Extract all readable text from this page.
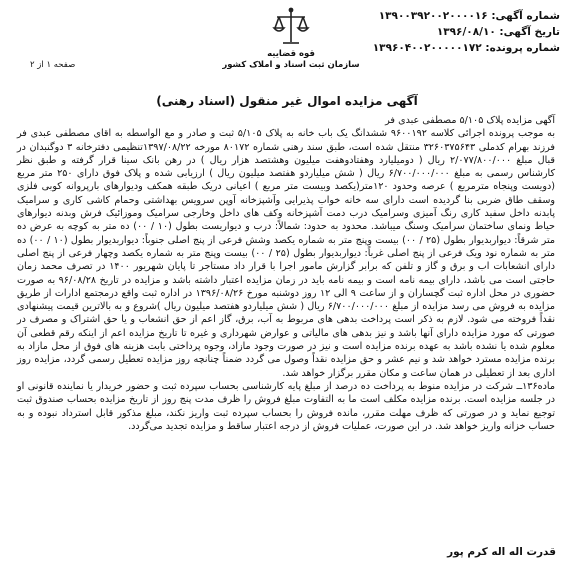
شماره آگهی: ۱۳۹۰۰۳۹۲۰۰۲۰۰۰۰۱۶
تاریخ آگهی: ۱۳۹۶/۰۸/۱۰
شماره پرونده: ۱۳۹۶۰۴۰۰۲۰۰۰۰۰۱۷۲
قوه قضاییه
سازمان ثبت اسناد و املاک کشور
صفحه ۱ از ۲
آگهی مزایده اموال غیر منقول (اسناد رهنی)

آگهی مزایده پلاک ۵/۱۰۵ مصطفی عبدی فر

به موجب پرونده اجرائی کلاسه ۹۶۰۰۱۹۲ ششدانگ یک باب خانه به پلاک ۵/۱۰۵ ثبت و صادر و مع الواسطه به اقای مصطفی عبدی فر فرزند بهرام کدملی ۳۲۶۰۳۷۵۶۴۳ منتقل شده است، طبق سند رهنی شماره ۸۰۱۷۲ مورخه ۱۳۹۷/۰۸/۲۲تنظیمی دفترخانه ۳ دوگنبدان در قبال مبلغ ۲/۰۷۷/۸۰۰/۰۰۰ ریال ( دومیلیارد وهفتادوهفت میلیون وهشتصد هزار ریال ) در رهن بانک سینا قرار گرفته و طبق نظر کارشناس رسمی به مبلغ ۶/۷۰۰/۰۰۰/۰۰۰ ریال ( شش میلیاردو هفتصد میلیون ریال ) ارزیابی شده و پلاک فوق دارای ۲۵۰ متر مربع (دویست وپنجاه مترمربع ) عرصه وحدود ۱۲۰متر(یکصد وبیست متر مربع ) اعیانی دریک طبقه همکف ودیوارهای بارپروانه کوبی فلزی وسقف طاق ضربی بنا گردیده است دارای سه خانه خواب پذیرایی وآشپزخانه آوپن سرویس بهداشتی وحمام کاشی کاری و سرامیک پابدنه داخل سفید کاری رنگ آمیزی وسرامیک درب ‌دمت آشپزخانه وکف های داخل وخارجی سرامیک وموزائیک فرش وبدنه دیوارهای حیاط ونمای ساختمان سرامیک وسنگ میباشد. محدود به حدود: شمالاً: درب و دیواریست بطول (۱۰ / ۰۰) ده متر به کوچه به عرض ده متر شرقاً: دیواربدیوار بطول (۲۵ / ۰۰) بیست وپنج متر به شماره یکصد وشش فرعی از پنج اصلی جنوباً: دیواربدیوار بطول (۱۰ / ۰۰) ده متر به شماره نود ویک فرعی از پنج اصلی غرباً: دیواربدیوار بطول (۲۵ / ۰۰) بیست وپنج متر به شماره یکصد وچهار فرعی از پنج اصلی دارای انشعابات اب و برق و گاز و تلفن که برابر گزارش مامور اجرا با قرار داد مستاجر تا پایان شهریور ۱۴۰۰ در تصرف محمد زمان حاجتی است می باشد، دارای بیمه نامه است و بیمه نامه باید در زمان مزایده اعتبار داشته باشد و مزایده در تاریخ ۹۶/۰۸/۲۸ به صورت حضوری در محل اداره ثبت گچساران و از ساعت ۹ الی ۱۲ روز دوشنبه مورخ ۱۳۹۶/۰۸/۲۶ در اداره ثبت واقع درمجتمع ادارات از طریق مزایده به فروش می رسد مزایده از مبلغ ۶/۷۰۰/۰۰۰/۰۰۰ ریال ( شش میلیاردو هفتصد میلیون ریال )شروع و به بالاترین قیمت پیشنهادی نقداً فروخته می شود. لازم به ذکر است پرداخت بدهی های مربوط به آب، برق، گاز اعم از حق انشعاب و یا حق اشتراک و مصرف در صورتی که مورد مزایده دارای آنها باشد و نیز بدهی های مالیاتی و عوارض شهرداری و غیره تا تاریخ مزایده اعم از اینکه رقم قطعی آن معلوم شده یا نشده باشد به عهده برنده مزایده است و نیز در صورت وجود مازاد، وجوه پرداختی بابت هزینه های فوق از محل مازاد به برنده مزایده مسترد خواهد شد و نیم عشر و حق مزایده نقداً وصول می گردد ضمناً چنانچه روز مزایده تعطیل رسمی گردد، مزایده روز اداری بعد از تعطیلی در همان ساعت و مکان مقرر برگزار خواهد شد.

ماده۱۳۶ــ شرکت در مزایده منوط به پرداخت ده درصد از مبلغ پایه کارشناسی بحساب سپرده ثبت و حضور خریدار یا نماینده قانونی او در جلسه مزایده است. برنده مزایده مکلف است ما به التفاوت مبلغ فروش را ظرف مدت پنج روز از تاریخ مزایده بحساب صندوق ثبت توجیع نماید و در صورتی که ظرف مهلت مقرر، مانده فروش را بحساب سپرده ثبت واریز نکند، مبلغ مذکور قابل استرداد نبوده و به حساب خزانه واریز خواهد شد. در این صورت، عملیات فروش از درجه اعتبار ساقط و مزایده تجدید می‌گردد.

قدرت اله اله کرم پور
